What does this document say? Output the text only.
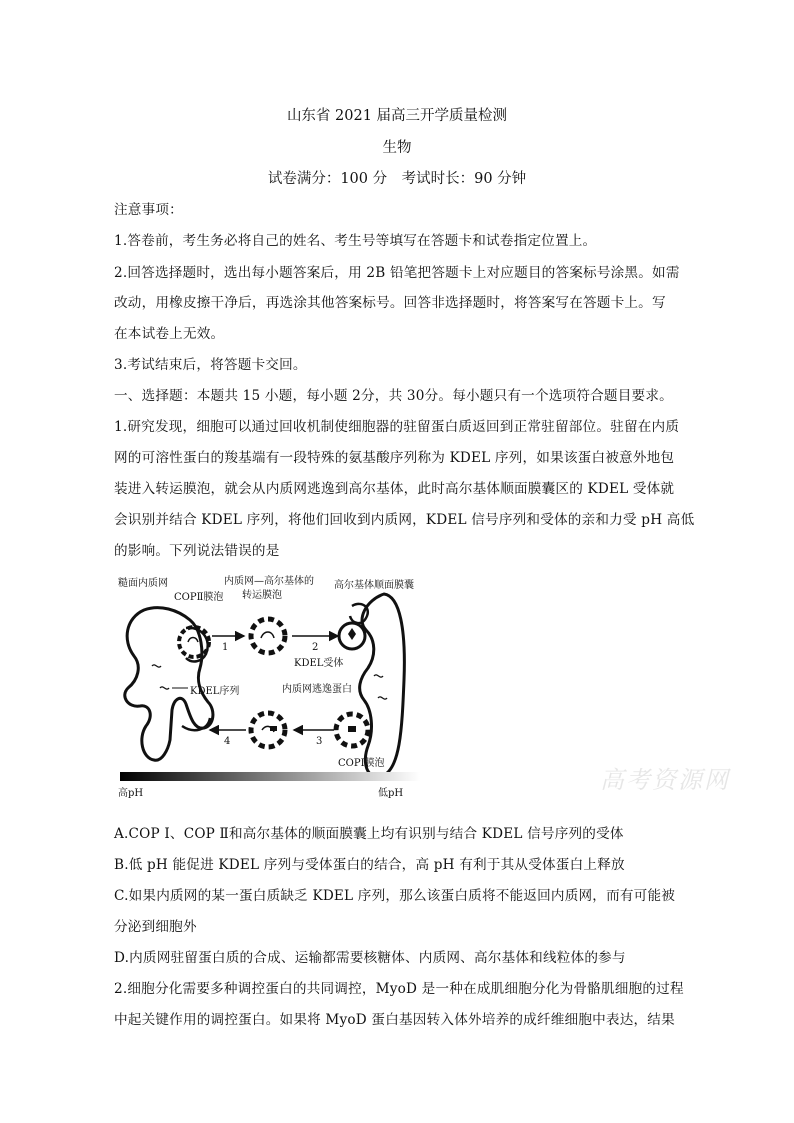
山东省 2021 届高三开学质量检测
生物
试卷满分：100 分　考试时长：90 分钟
注意事项：
1.答卷前，考生务必将自己的姓名、考生号等填写在答题卡和试卷指定位置上。
2.回答选择题时，选出每小题答案后，用 2B 铅笔把答题卡上对应题目的答案标号涂黑。如需
改动，用橡皮擦干净后，再选涂其他答案标号。回答非选择题时，将答案写在答题卡上。写
在本试卷上无效。
3.考试结束后，将答题卡交回。
一、选择题：本题共 15 小题，每小题 2分，共 30分。每小题只有一个选项符合题目要求。
1.研究发现，细胞可以通过回收机制使细胞器的驻留蛋白质返回到正常驻留部位。驻留在内质
网的可溶性蛋白的羧基端有一段特殊的氨基酸序列称为 KDEL 序列，如果该蛋白被意外地包
装进入转运膜泡，就会从内质网逃逸到高尔基体，此时高尔基体顺面膜囊区的 KDEL 受体就
会识别并结合 KDEL 序列，将他们回收到内质网，KDEL 信号序列和受体的亲和力受 pH 高低
的影响。下列说法错误的是
糙面内质网
COPⅡ膜泡
内质网—高尔基体的
转运膜泡
高尔基体顺面膜囊
1	2
KDEL受体
KDEL序列	内质网逃逸蛋白
4	3
COPⅠ膜泡
高pH	低pH	高考资源网
A.COP Ⅰ、COP Ⅱ和高尔基体的顺面膜囊上均有识别与结合 KDEL 信号序列的受体
B.低 pH 能促进 KDEL 序列与受体蛋白的结合，高 pH 有利于其从受体蛋白上释放
C.如果内质网的某一蛋白质缺乏 KDEL 序列，那么该蛋白质将不能返回内质网，而有可能被
分泌到细胞外
D.内质网驻留蛋白质的合成、运输都需要核糖体、内质网、高尔基体和线粒体的参与
2.细胞分化需要多种调控蛋白的共同调控，MyoD 是一种在成肌细胞分化为骨骼肌细胞的过程
中起关键作用的调控蛋白。如果将 MyoD 蛋白基因转入体外培养的成纤维细胞中表达，结果
